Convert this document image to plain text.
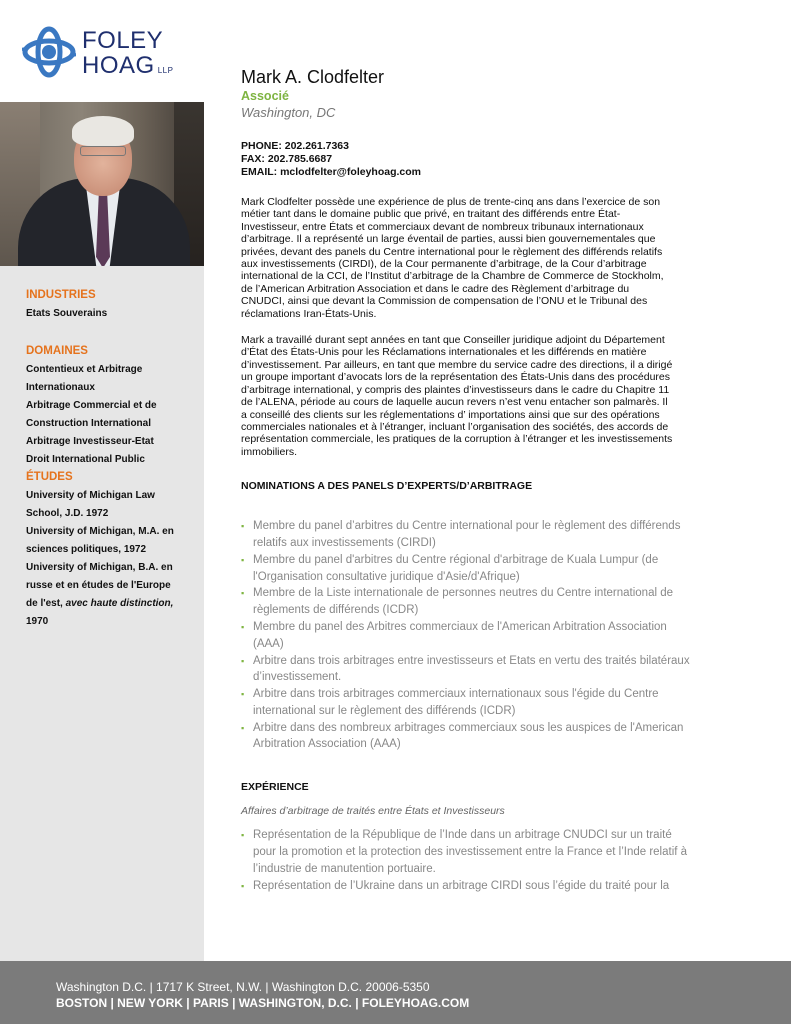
FOLEY
HOAG LLP
INDUSTRIES
Etats Souverains
DOMAINES
Contentieux et Arbitrage
Internationaux
Arbitrage Commercial et de
Construction International
Arbitrage Investisseur-Etat
Droit International Public
ÉTUDES
University of Michigan Law
School, J.D. 1972
University of Michigan, M.A. en
sciences politiques, 1972
University of Michigan, B.A. en
russe et en études de l'Europe
de l'est, avec haute distinction,
1970
Mark A. Clodfelter
Associé
Washington, DC
PHONE: 202.261.7363
FAX: 202.785.6687
EMAIL: mclodfelter@foleyhoag.com
Mark Clodfelter possède une expérience de plus de trente-cinq ans dans l’exercice de son
métier tant dans le domaine public que privé, en traitant des différends entre État-
Investisseur, entre États et commerciaux devant de nombreux tribunaux internationaux
d’arbitrage. Il a représenté un large éventail de parties, aussi bien gouvernementales que
privées, devant des panels du Centre international pour le règlement des différends relatifs
aux investissements (CIRDI), de la Cour permanente d’arbitrage, de la Cour d’arbitrage
international de la CCI, de l’Institut d’arbitrage de la Chambre de Commerce de Stockholm,
de l’American Arbitration Association et dans le cadre des Règlement d’arbitrage du
CNUDCI, ainsi que devant la Commission de compensation de l’ONU et le Tribunal des
réclamations Iran-États-Unis.
Mark a travaillé durant sept années en tant que Conseiller juridique adjoint du Département
d’État des États-Unis pour les Réclamations internationales et les différends en matière
d’investissement. Par ailleurs, en tant que membre du service cadre des directions, il a dirigé
un groupe important d’avocats lors de la représentation des États-Unis dans des procédures
d’arbitrage international, y compris des plaintes d’investisseurs dans le cadre du Chapitre 11
de l’ALENA, période au cours de laquelle aucun revers n’est venu entacher son palmarès. Il
a conseillé des clients sur les réglementations d’ importations ainsi que sur des opérations
commerciales nationales et à l’étranger, incluant l’organisation des sociétés, des accords de
représentation commerciale, les pratiques de la corruption à l’étranger et les investissements
immobiliers.
NOMINATIONS A DES PANELS D’EXPERTS/D’ARBITRAGE
▪ Membre du panel d’arbitres du Centre international pour le règlement des différends
relatifs aux investissements (CIRDI)
▪ Membre du panel d'arbitres du Centre régional d'arbitrage de Kuala Lumpur (de
l'Organisation consultative juridique d'Asie/d'Afrique)
▪ Membre de la Liste internationale de personnes neutres du Centre international de
règlements de différends (ICDR)
▪ Membre du panel des Arbitres commerciaux de l'American Arbitration Association
(AAA)
▪ Arbitre dans trois arbitrages entre investisseurs et Etats en vertu des traités bilatéraux
d’investissement.
▪ Arbitre dans trois arbitrages commerciaux internationaux sous l'égide du Centre
international sur le règlement des différends (ICDR)
▪ Arbitre dans des nombreux arbitrages commerciaux sous les auspices de l'American
Arbitration Association (AAA)
EXPÉRIENCE
Affaires d’arbitrage de traités entre États et Investisseurs
▪ Représentation de la République de l’Inde dans un arbitrage CNUDCI sur un traité
pour la promotion et la protection des investissement entre la France et l’Inde relatif à
l’industrie de manutention portuaire.
▪ Représentation de l’Ukraine dans un arbitrage CIRDI sous l’égide du traité pour la
Washington D.C. | 1717 K Street, N.W. | Washington D.C. 20006-5350
BOSTON | NEW YORK | PARIS | WASHINGTON, D.C. | FOLEYHOAG.COM
